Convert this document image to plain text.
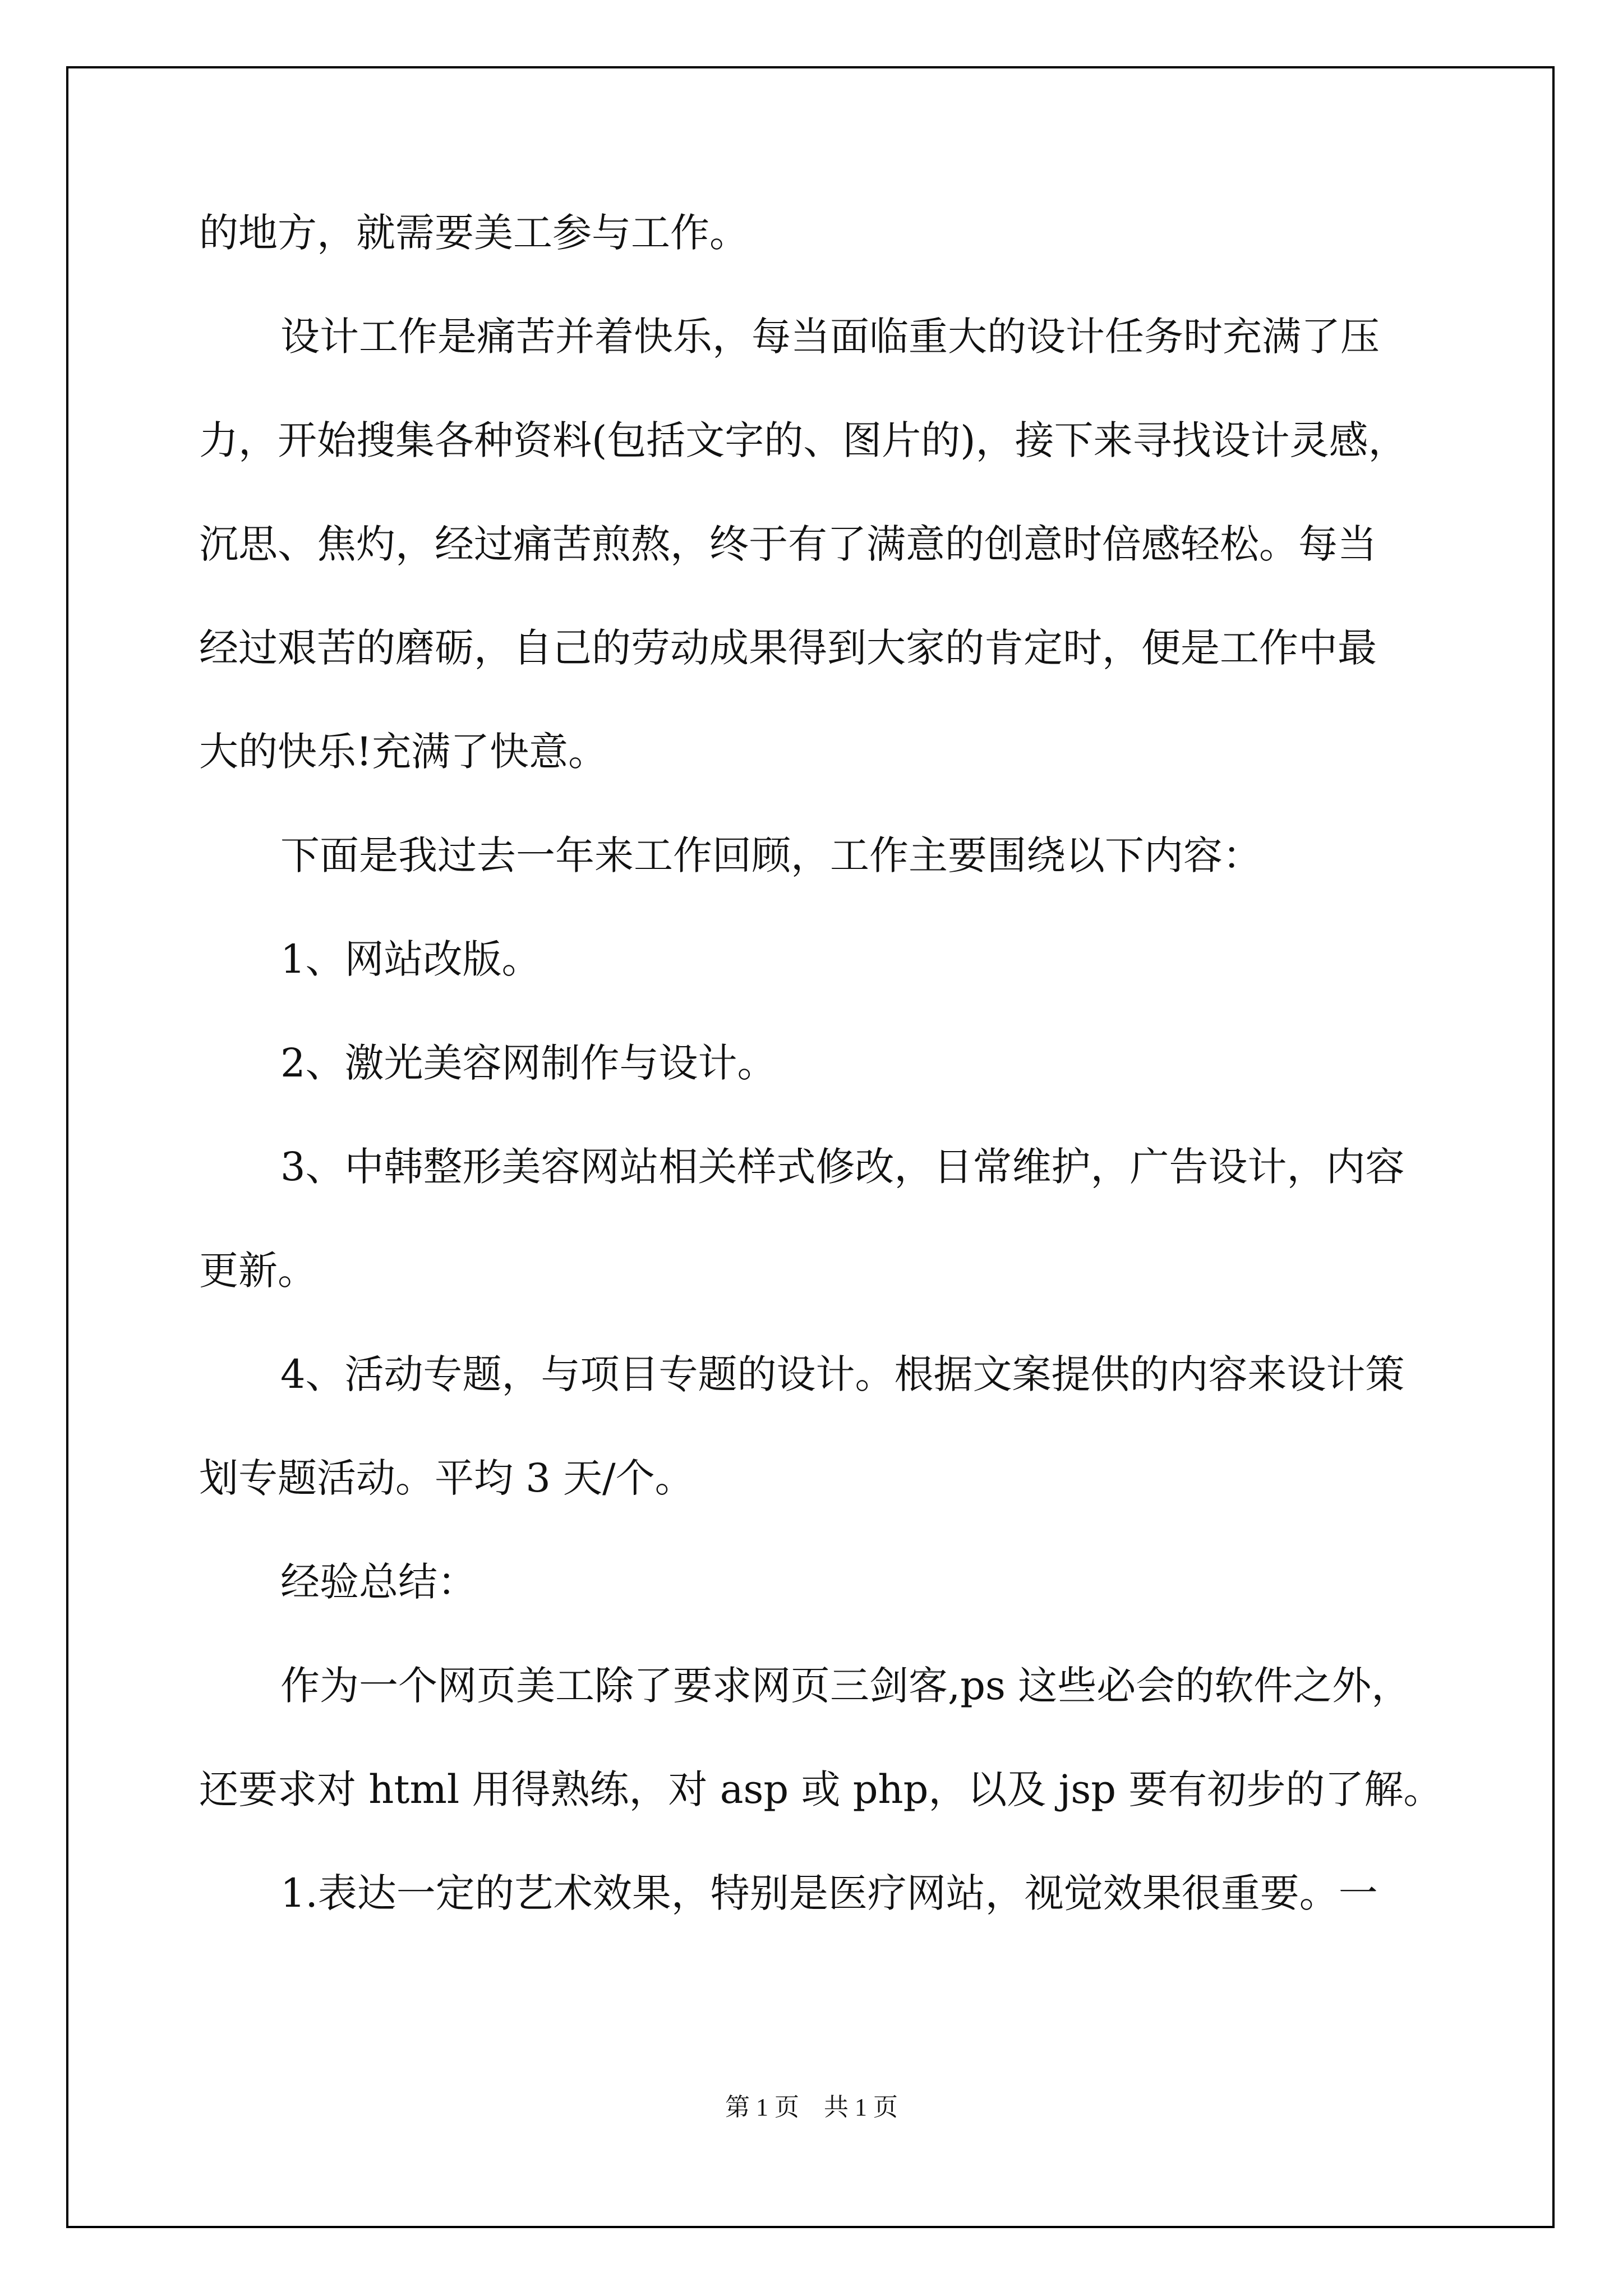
的地方，就需要美工参与工作。

设计工作是痛苦并着快乐，每当面临重大的设计任务时充满了压

力，开始搜集各种资料(包括文字的、图片的)，接下来寻找设计灵感，

沉思、焦灼，经过痛苦煎熬，终于有了满意的创意时倍感轻松。每当

经过艰苦的磨砺，自己的劳动成果得到大家的肯定时，便是工作中最

大的快乐!充满了快意。

下面是我过去一年来工作回顾，工作主要围绕以下内容：

1、网站改版。

2、激光美容网制作与设计。

3、中韩整形美容网站相关样式修改，日常维护，广告设计，内容

更新。

4、活动专题，与项目专题的设计。根据文案提供的内容来设计策

划专题活动。平均 3 天/个。

经验总结：

作为一个网页美工除了要求网页三剑客,ps 这些必会的软件之外，

还要求对 html 用得熟练，对 asp 或 php，以及 jsp 要有初步的了解。

1.表达一定的艺术效果，特别是医疗网站，视觉效果很重要。一

第 1 页　共 1 页
